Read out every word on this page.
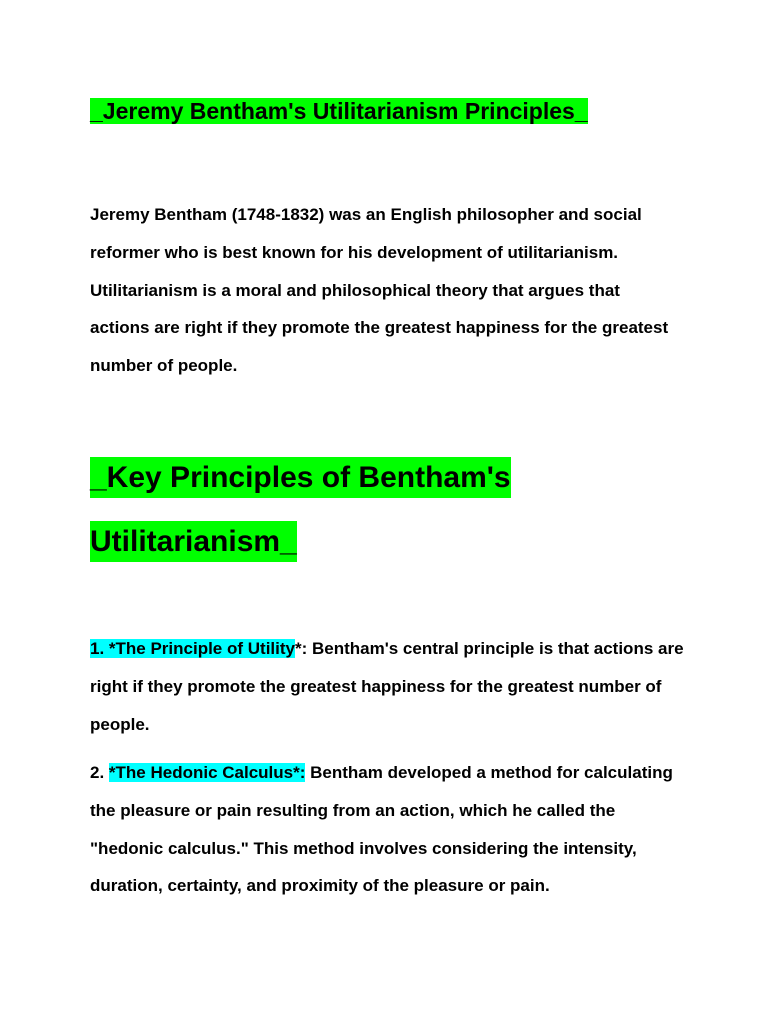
_Jeremy Bentham's Utilitarianism Principles_
Jeremy Bentham (1748-1832) was an English philosopher and social reformer who is best known for his development of utilitarianism. Utilitarianism is a moral and philosophical theory that argues that actions are right if they promote the greatest happiness for the greatest number of people.
_Key Principles of Bentham's
Utilitarianism_
1. *The Principle of Utility*: Bentham's central principle is that actions are right if they promote the greatest happiness for the greatest number of people.
2. *The Hedonic Calculus*: Bentham developed a method for calculating the pleasure or pain resulting from an action, which he called the "hedonic calculus." This method involves considering the intensity, duration, certainty, and proximity of the pleasure or pain.
